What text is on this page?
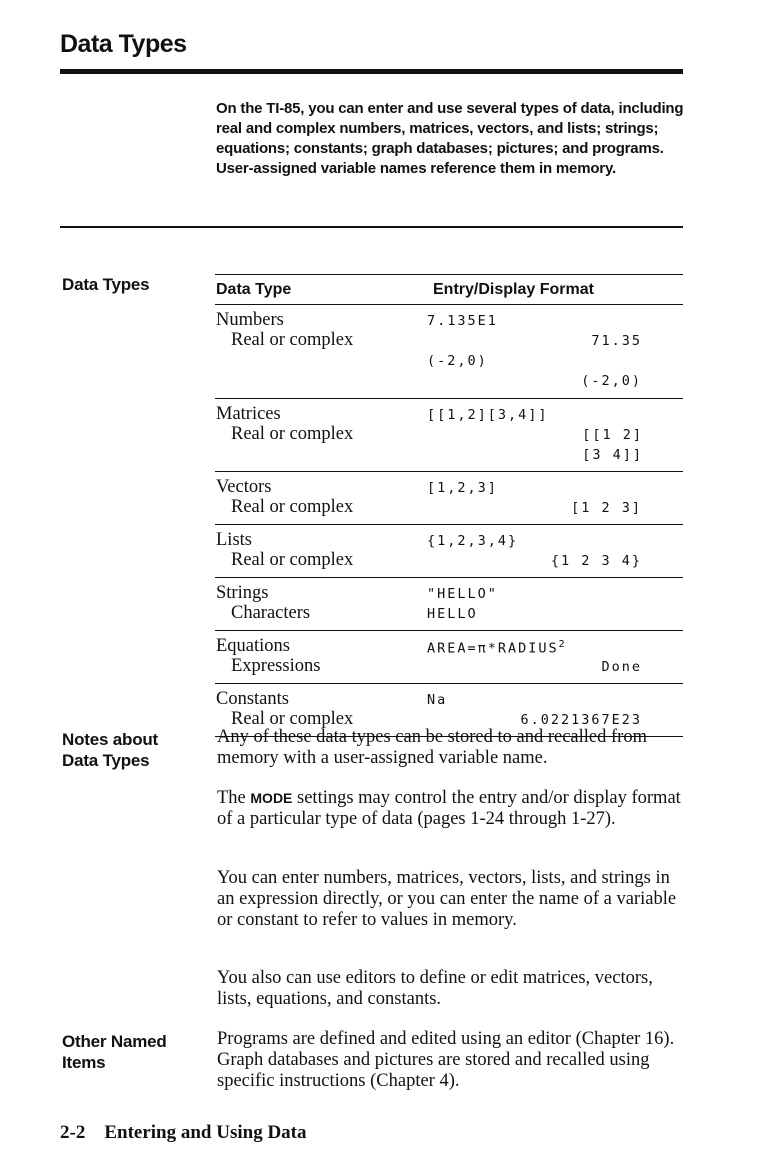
Data Types
On the TI-85, you can enter and use several types of data, including real and complex numbers, matrices, vectors, and lists; strings; equations; constants; graph databases; pictures; and programs. User-assigned variable names reference them in memory.
Data Types	Data Type	Entry/Display Format
Numbers	7.135E1
Real or complex	71.35
(-2,0)
(-2,0)
Matrices	[[1,2][3,4]]
Real or complex	[[1 2]
[3 4]]
Vectors	[1,2,3]
Real or complex	[1 2 3]
Lists	{1,2,3,4}
Real or complex	{1 2 3 4}
Strings	"HELLO"
Characters	HELLO
Equations	$AREA=\pi*RADIUS^2$
Expressions	Done
Constants	Na
Real or complex	6.0221367E23
Notes about
Data Types
Any of these data types can be stored to and recalled from memory with a user-assigned variable name.
The MODE settings may control the entry and/or display format of a particular type of data (pages 1-24 through 1-27).
You can enter numbers, matrices, vectors, lists, and strings in an expression directly, or you can enter the name of a variable or constant to refer to values in memory.
You also can use editors to define or edit matrices, vectors, lists, equations, and constants.
Other Named
Items
Programs are defined and edited using an editor (Chapter 16). Graph databases and pictures are stored and recalled using specific instructions (Chapter 4).
2-2 Entering and Using Data
